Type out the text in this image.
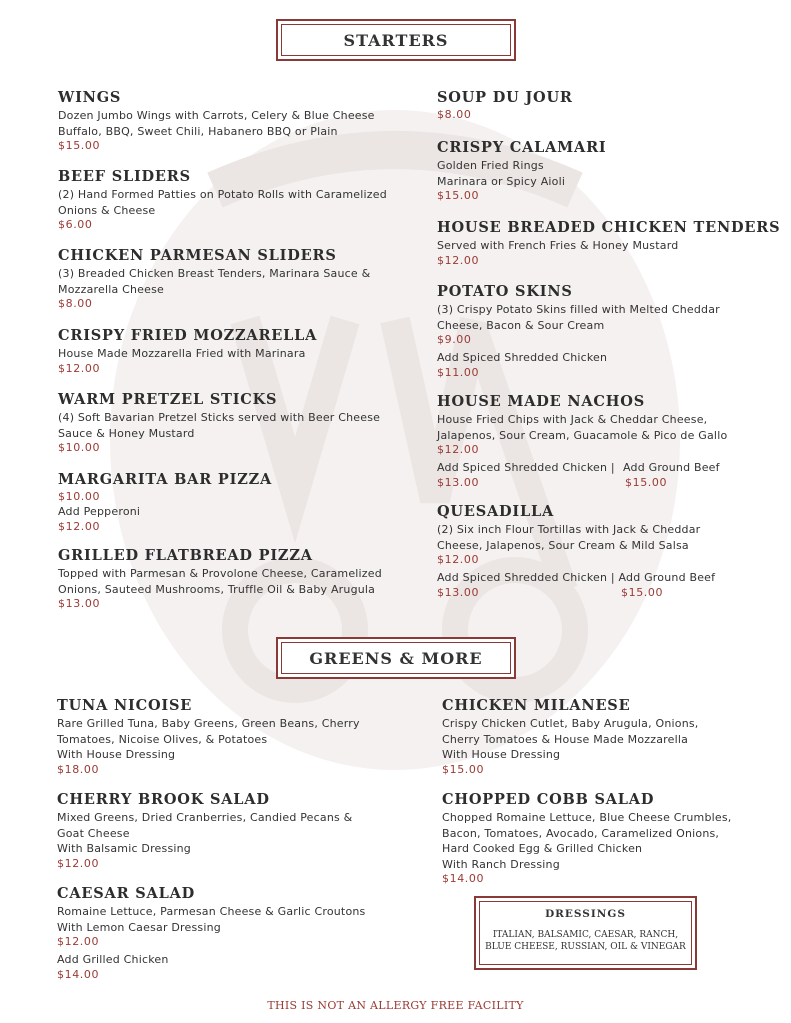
STARTERS
WINGS
Dozen Jumbo Wings with Carrots, Celery & Blue Cheese
Buffalo, BBQ, Sweet Chili, Habanero BBQ or Plain
$15.00
BEEF SLIDERS
(2) Hand Formed Patties on Potato Rolls with Caramelized
Onions & Cheese
$6.00
CHICKEN PARMESAN SLIDERS
(3) Breaded Chicken Breast Tenders, Marinara Sauce &
Mozzarella Cheese
$8.00
CRISPY FRIED MOZZARELLA
House Made Mozzarella Fried with Marinara
$12.00
WARM PRETZEL STICKS
(4) Soft Bavarian Pretzel Sticks served with Beer Cheese
Sauce & Honey Mustard
$10.00
MARGARITA BAR PIZZA
$10.00
Add Pepperoni
$12.00
GRILLED FLATBREAD PIZZA
Topped with Parmesan & Provolone Cheese, Caramelized
Onions, Sauteed Mushrooms, Truffle Oil & Baby Arugula
$13.00
SOUP DU JOUR
$8.00
CRISPY CALAMARI
Golden Fried Rings
Marinara or Spicy Aioli
$15.00
HOUSE BREADED CHICKEN TENDERS
Served with French Fries & Honey Mustard
$12.00
POTATO SKINS
(3) Crispy Potato Skins filled with Melted Cheddar
Cheese, Bacon & Sour Cream
$9.00
Add Spiced Shredded Chicken
$11.00
HOUSE MADE NACHOS
House Fried Chips with Jack & Cheddar Cheese,
Jalapenos, Sour Cream, Guacamole & Pico de Gallo
$12.00
Add Spiced Shredded Chicken |
$13.00
Add Ground Beef
$15.00
QUESADILLA
(2) Six inch Flour Tortillas with Jack & Cheddar
Cheese, Jalapenos, Sour Cream & Mild Salsa
$12.00
Add Spiced Shredded Chicken | Add Ground Beef
$13.00	$15.00
GREENS & MORE
TUNA NICOISE
Rare Grilled Tuna, Baby Greens, Green Beans, Cherry
Tomatoes, Nicoise Olives, & Potatoes
With House Dressing
$18.00
CHERRY BROOK SALAD
Mixed Greens, Dried Cranberries, Candied Pecans &
Goat Cheese
With Balsamic Dressing
$12.00
CAESAR SALAD
Romaine Lettuce, Parmesan Cheese & Garlic Croutons
With Lemon Caesar Dressing
$12.00
Add Grilled Chicken
$14.00
CHICKEN MILANESE
Crispy Chicken Cutlet, Baby Arugula, Onions,
Cherry Tomatoes & House Made Mozzarella
With House Dressing
$15.00
CHOPPED COBB SALAD
Chopped Romaine Lettuce, Blue Cheese Crumbles,
Bacon, Tomatoes, Avocado, Caramelized Onions,
Hard Cooked Egg & Grilled Chicken
With Ranch Dressing
$14.00
DRESSINGS
ITALIAN, BALSAMIC, CAESAR, RANCH,
BLUE CHEESE, RUSSIAN, OIL & VINEGAR
THIS IS NOT AN ALLERGY FREE FACILITY
